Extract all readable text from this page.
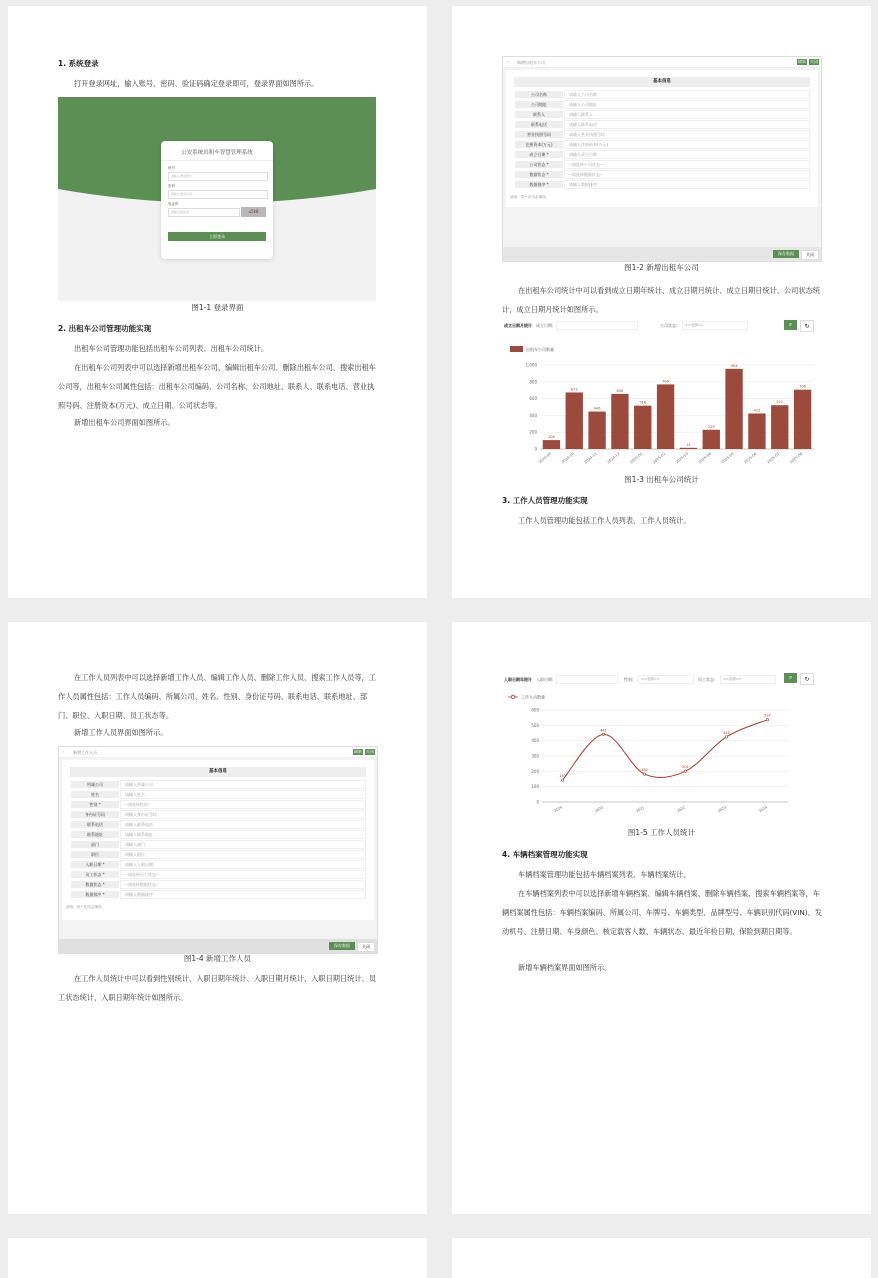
1. 系统登录
打开登录网址，输入账号、密码、验证码确定登录即可，登录界面如图所示。
公安系统出租车智慧管理系统
账号
请输入登录账号
密码
请输入登录密码
验证码
请输入验证码	u5k8
立即登录
图1-1 登录界面
2. 出租车公司管理功能实现
出租车公司管理功能包括出租车公司列表、出租车公司统计。
在出租车公司列表中可以选择新增出租车公司、编辑出租车公司、删除出租车公司、搜索出租车公司等，出租车公司属性包括：出租车公司编码、公司名称、公司地址、联系人、联系电话、营业执照号码、注册资本(万元)、成立日期、公司状态等。
新增出租车公司界面如图所示。
‹ 新增出租车公司	刷新 关闭
基本信息
公司名称	请输入公司名称
公司地址	请输入公司地址
联系人	请输入联系人
联系电话	请输入联系电话
营业执照号码	请输入营业执照号码
注册资本(万元)	请输入注册资本(万元)
成立日期 *	请输入成立日期
公司状态 *	--请选择公司状态--
数据状态 *	--请选择数据状态--
数据排序 *	请输入数据排序
说明：带 * 的为必填项。
保存数据	关闭
图1-2 新增出租车公司
在出租车公司统计中可以看到成立日期年统计、成立日期月统计、成立日期日统计、公司状态统计，成立日期月统计如图所示。
成立日期月统计 成立日期:	公司状态:	==全部==	⌕	↻
出租车公司数量
0
200
400
600
800
1,000
106
2024-09
673
2024-10
446
2024-11
656
2024-12
516
2025-01
769
2025-02
14
2025-03
229
2025-04
954
2025-05
423
2025-06
521
2025-07
706
2025-08
图1-3 出租车公司统计
3. 工作人员管理功能实现
工作人员管理功能包括工作人员列表、工作人员统计。
在工作人员列表中可以选择新增工作人员、编辑工作人员、删除工作人员、搜索工作人员等，工作人员属性包括：工作人员编码、所属公司、姓名、性别、身份证号码、联系电话、联系地址、部门、职位、入职日期、员工状态等。
新增工作人员界面如图所示。
‹ 新增工作人员	刷新 关闭
基本信息
所属公司	请输入所属公司
姓名	请输入姓名
性别 *	--请选择性别--
身份证号码	请输入身份证号码
联系电话	请输入联系电话
联系地址	请输入联系地址
部门	请输入部门
职位	请输入职位
入职日期 *	请输入入职日期
员工状态 *	--请选择员工状态--
数据状态 *	--请选择数据状态--
数据排序 *	请输入数据排序
说明：带 * 的为必填项。
保存数据	关闭
图1-4 新增工作人员
在工作人员统计中可以看到性别统计、入职日期年统计、入职日期月统计、入职日期日统计、员工状态统计，入职日期年统计如图所示。
入职日期年统计 入职日期:	性别:	==全部==	员工状态:	==全部==	⌕	↻
工作人员数量
0
100
200
300
400
500
600
143
2019
441
2020
182
2021
201
2022
425
2023
537
2024
图1-5 工作人员统计
4. 车辆档案管理功能实现
车辆档案管理功能包括车辆档案列表、车辆档案统计。
在车辆档案列表中可以选择新增车辆档案、编辑车辆档案、删除车辆档案、搜索车辆档案等，车辆档案属性包括：车辆档案编码、所属公司、车牌号、车辆类型、品牌型号、车辆识别代码(VIN)、发动机号、注册日期、车身颜色、核定载客人数、车辆状态、最近年检日期、保险到期日期等。
新增车辆档案界面如图所示。
